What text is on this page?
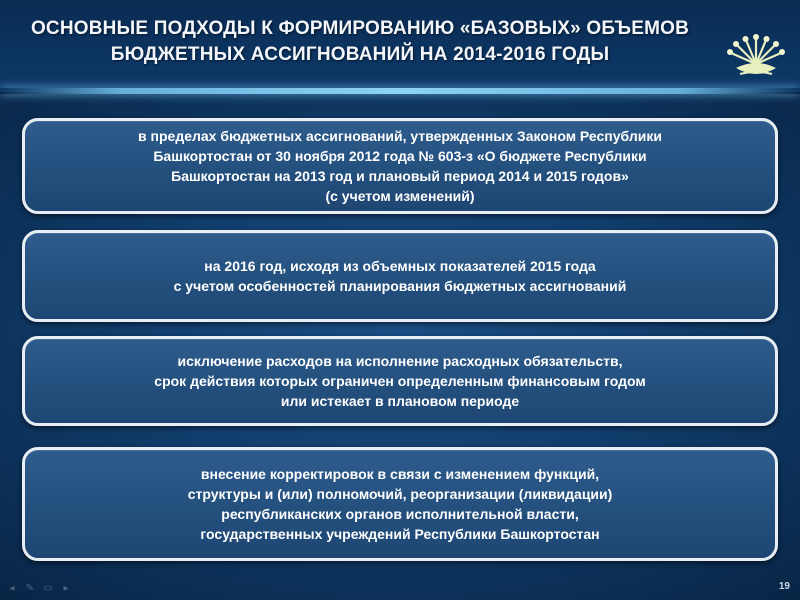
ОСНОВНЫЕ ПОДХОДЫ К ФОРМИРОВАНИЮ «БАЗОВЫХ» ОБЪЕМОВ
БЮДЖЕТНЫХ АССИГНОВАНИЙ НА 2014-2016 ГОДЫ

в пределах бюджетных ассигнований, утвержденных Законом Республики
Башкортостан от 30 ноября 2012 года № 603-з «О бюджете Республики
Башкортостан на 2013 год и плановый период 2014 и 2015 годов»
(с учетом изменений)

на 2016 год, исходя из объемных показателей 2015 года
с учетом особенностей планирования бюджетных ассигнований

исключение расходов на исполнение расходных обязательств,
срок действия которых ограничен определенным финансовым годом
или истекает в плановом периоде

внесение корректировок в связи с изменением функций,
структуры и (или) полномочий, реорганизации (ликвидации)
республиканских органов исполнительной власти,
государственных учреждений Республики Башкортостан

◂	✎ ▭	▸	19
